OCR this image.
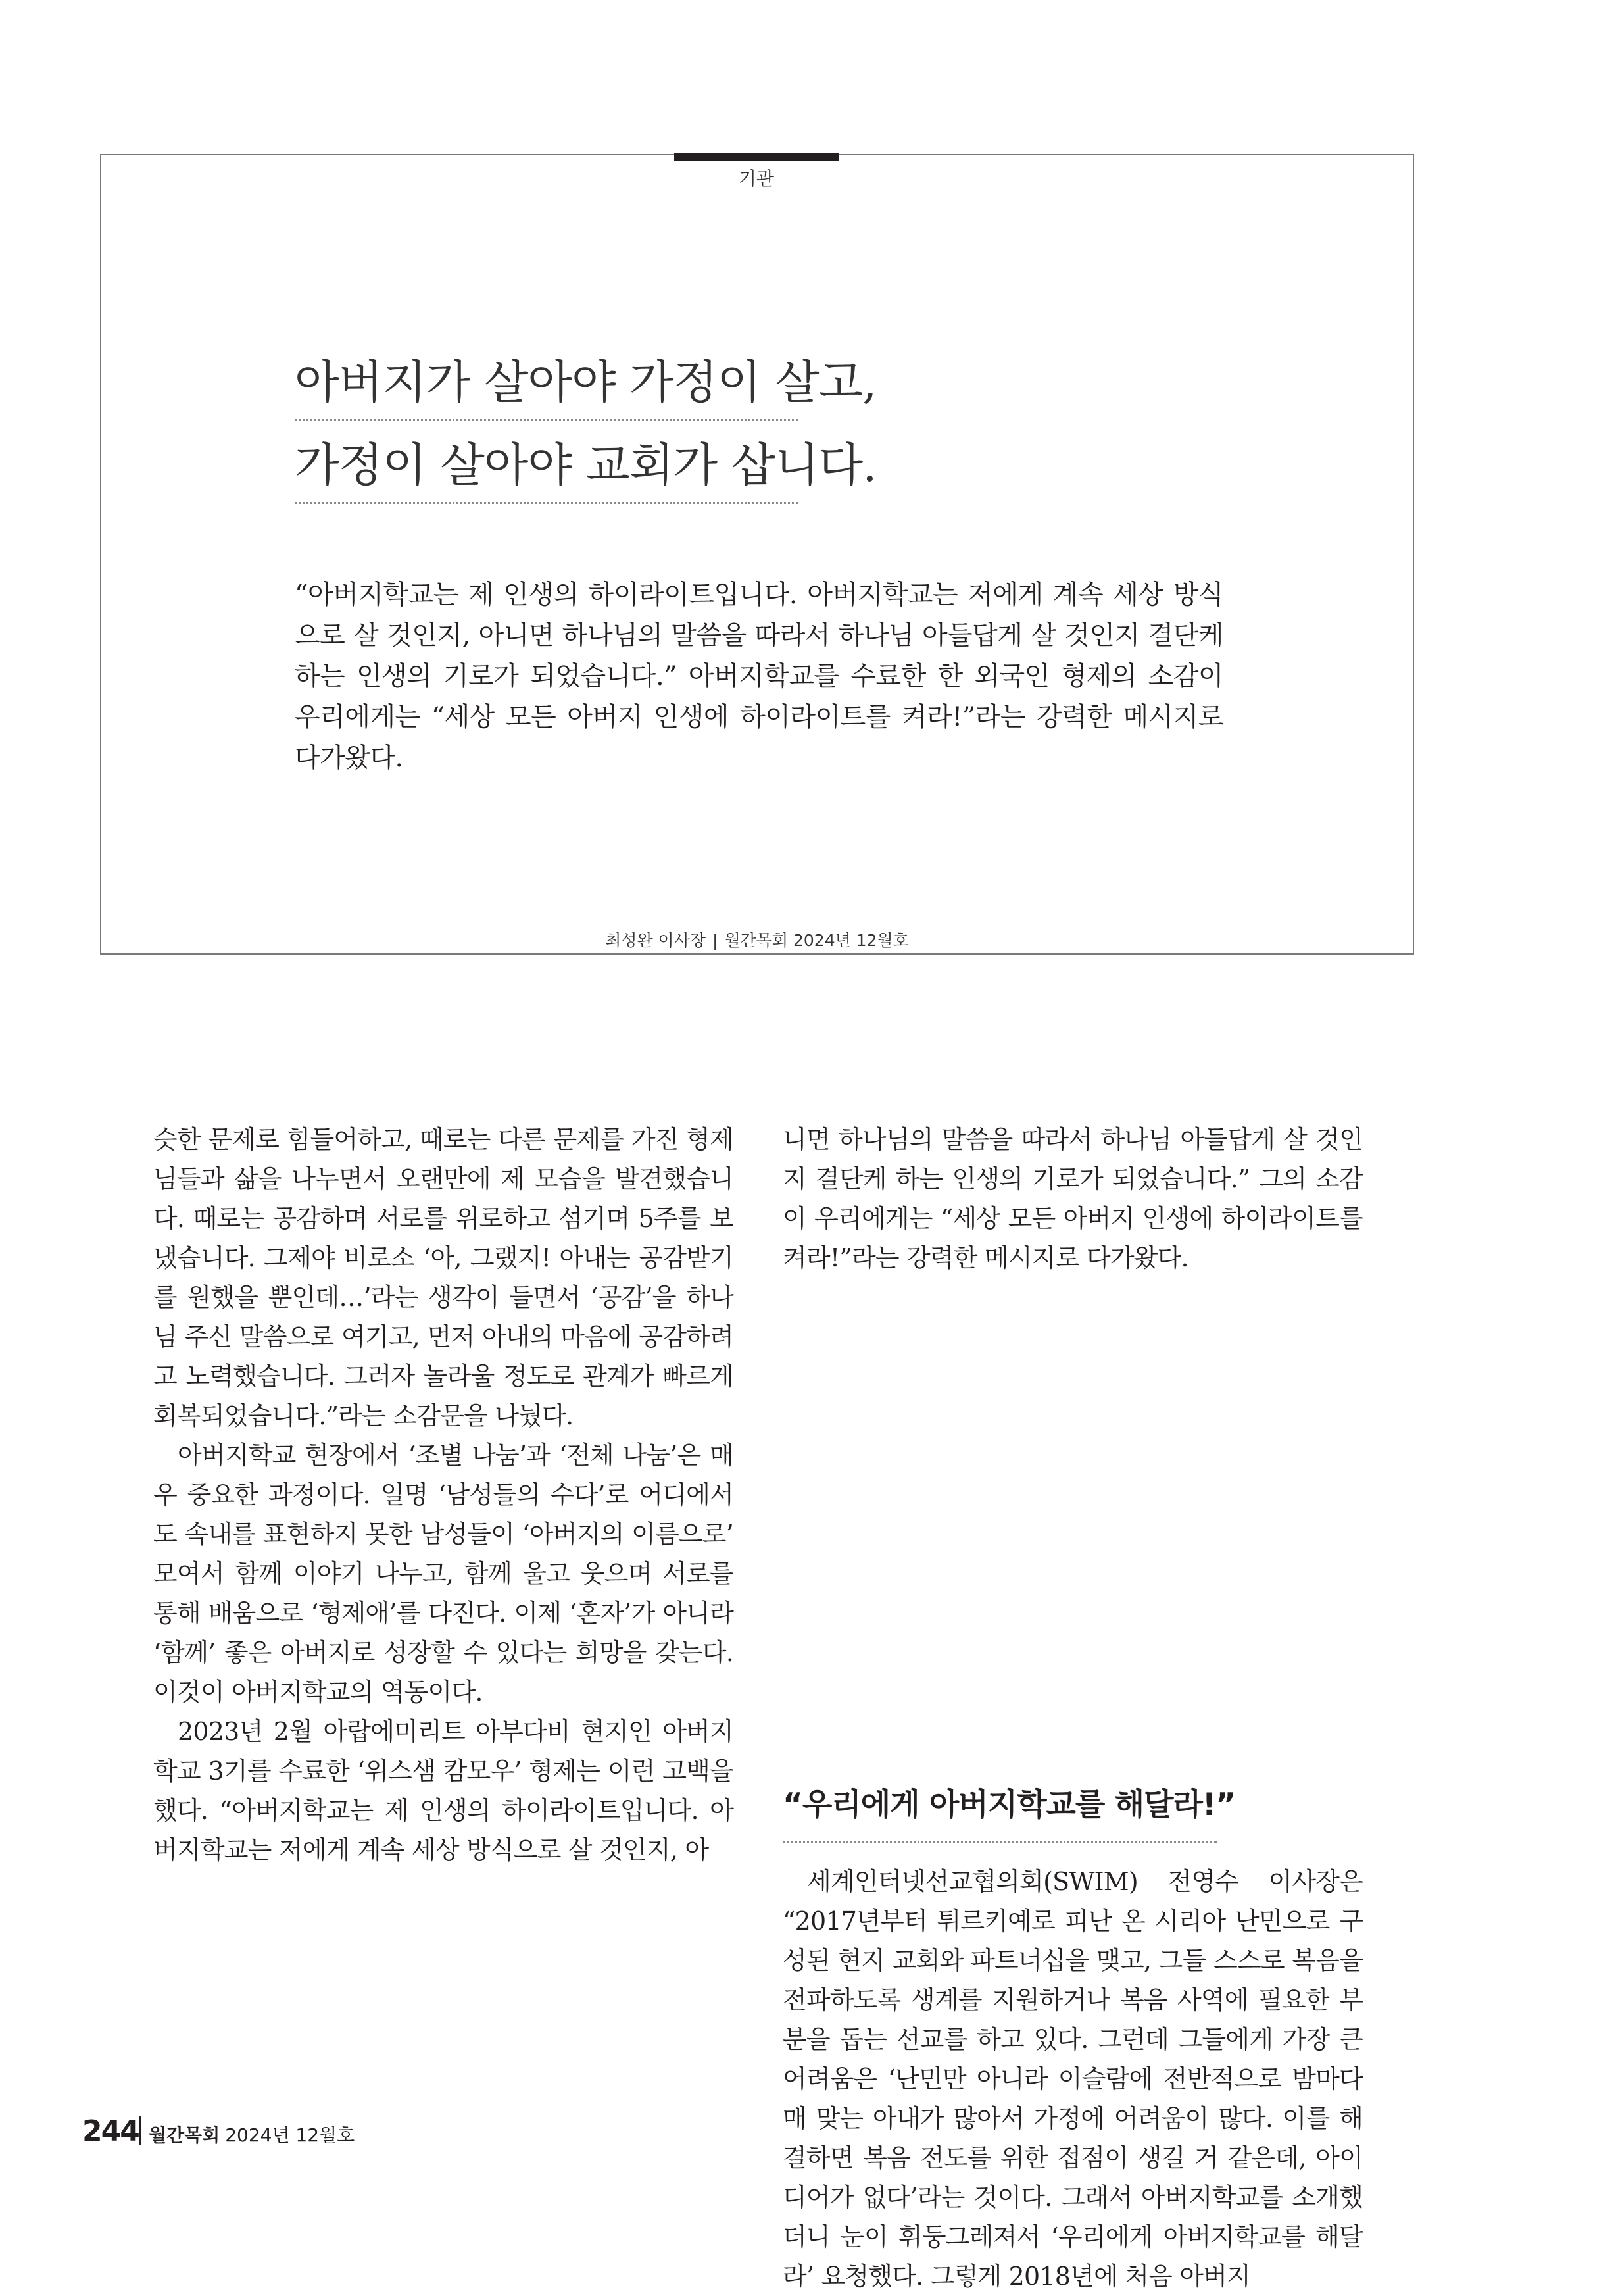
기관
아버지가 살아야 가정이 살고,
가정이 살아야 교회가 삽니다.
“아버지학교는 제 인생의 하이라이트입니다. 아버지학교는 저에게 계속 세상 방식으로 살 것인지, 아니면 하나님의 말씀을 따라서 하나님 아들답게 살 것인지 결단케 하는 인생의 기로가 되었습니다.” 아버지학교를 수료한 한 외국인 형제의 소감이 우리에게는 “세상 모든 아버지 인생에 하이라이트를 켜라!”라는 강력한 메시지로 다가왔다.
최성완 이사장 | 월간목회 2024년 12월호

슷한 문제로 힘들어하고, 때로는 다른 문제를 가진 형제님들과 삶을 나누면서 오랜만에 제 모습을 발견했습니다. 때로는 공감하며 서로를 위로하고 섬기며 5주를 보냈습니다. 그제야 비로소 ‘아, 그랬지! 아내는 공감받기를 원했을 뿐인데…’라는 생각이 들면서 ‘공감’을 하나님 주신 말씀으로 여기고, 먼저 아내의 마음에 공감하려고 노력했습니다. 그러자 놀라울 정도로 관계가 빠르게 회복되었습니다.”라는 소감문을 나눴다.

아버지학교 현장에서 ‘조별 나눔’과 ‘전체 나눔’은 매우 중요한 과정이다. 일명 ‘남성들의 수다’로 어디에서도 속내를 표현하지 못한 남성들이 ‘아버지의 이름으로’ 모여서 함께 이야기 나누고, 함께 울고 웃으며 서로를 통해 배움으로 ‘형제애’를 다진다. 이제 ‘혼자’가 아니라 ‘함께’ 좋은 아버지로 성장할 수 있다는 희망을 갖는다. 이것이 아버지학교의 역동이다.

2023년 2월 아랍에미리트 아부다비 현지인 아버지학교 3기를 수료한 ‘위스샘 캄모우’ 형제는 이런 고백을 했다. “아버지학교는 제 인생의 하이라이트입니다. 아버지학교는 저에게 계속 세상 방식으로 살 것인지, 아

니면 하나님의 말씀을 따라서 하나님 아들답게 살 것인지 결단케 하는 인생의 기로가 되었습니다.” 그의 소감이 우리에게는 “세상 모든 아버지 인생에 하이라이트를 켜라!”라는 강력한 메시지로 다가왔다.

“우리에게 아버지학교를 해달라!”

세계인터넷선교협의회(SWIM) 전영수 이사장은 “2017년부터 튀르키예로 피난 온 시리아 난민으로 구성된 현지 교회와 파트너십을 맺고, 그들 스스로 복음을 전파하도록 생계를 지원하거나 복음 사역에 필요한 부분을 돕는 선교를 하고 있다. 그런데 그들에게 가장 큰 어려움은 ‘난민만 아니라 이슬람에 전반적으로 밤마다 매 맞는 아내가 많아서 가정에 어려움이 많다. 이를 해결하면 복음 전도를 위한 접점이 생길 거 같은데, 아이디어가 없다’라는 것이다. 그래서 아버지학교를 소개했더니 눈이 휘둥그레져서 ‘우리에게 아버지학교를 해달라’ 요청했다. 그렇게 2018년에 처음 아버지

244 월간목회 2024년 12월호
